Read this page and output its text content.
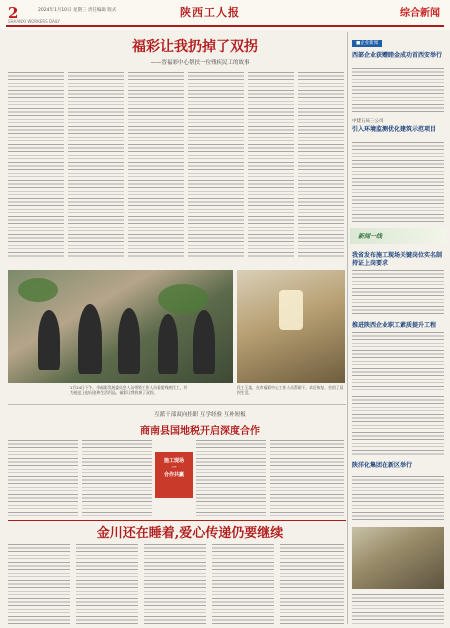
2	2024年1月10日 星期三 责任编辑 版式	陕西工人报	综合新闻
SHAANXI WORKERS DAILY
福彩让我扔掉了双拐
——晋福彩中心帮扶一位残疾民工的故事
1月24日下午，市福彩发展委员会人员带领工作人员看望残疾民工，并为他送上慰问金和生活用品。福彩让我扔掉了双拐。
民工王某，在市福彩中心工作人员帮助下，术后恢复，告别了双拐生活。
互派干部双向挂职 互学经验 互补短板
商南县国地税开启深度合作
施工现场
一
合作共赢
金川还在睡着,爱心传递仍要继续
■企业新闻
西部企业获赠睦金成功首西安举行
中建五局三公司
引入环境监测优化建筑示范项目
新闻一线
我省发布施工现场关键岗位实名制持证上岗要求
推进陕西企业职工素质提升工程
陕洋化集团在新区举行
